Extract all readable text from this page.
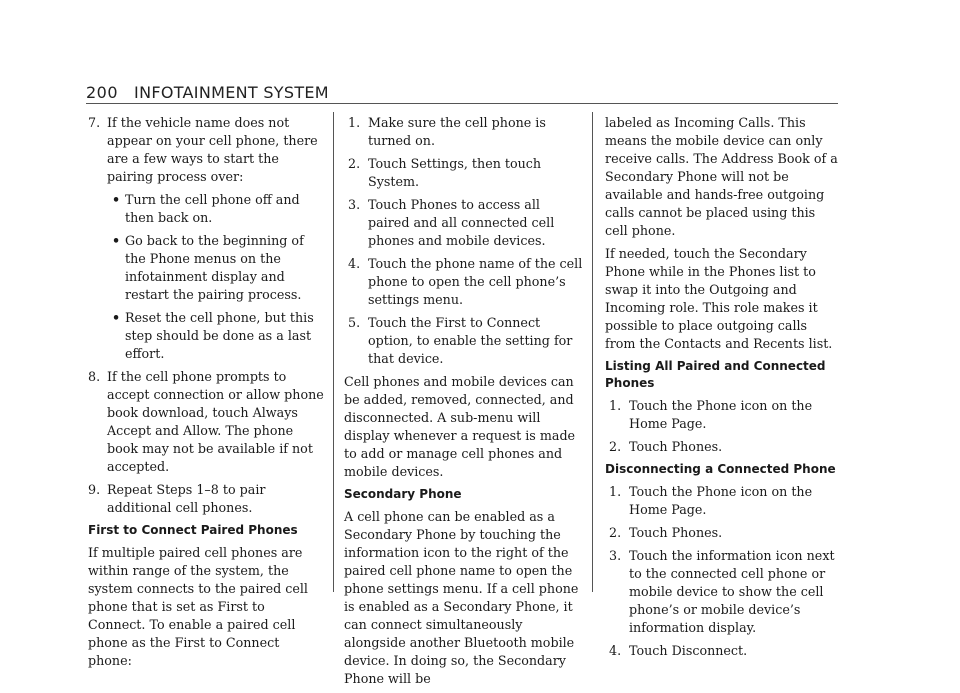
200 INFOTAINMENT SYSTEM
7. If the vehicle name does not appear on your cell phone, there are a few ways to start the pairing process over:
• Turn the cell phone off and then back on.
• Go back to the beginning of the Phone menus on the infotainment display and restart the pairing process.
• Reset the cell phone, but this step should be done as a last effort.
8. If the cell phone prompts to accept connection or allow phone book download, touch Always Accept and Allow. The phone book may not be available if not accepted.
9. Repeat Steps 1–8 to pair additional cell phones.
First to Connect Paired Phones

If multiple paired cell phones are within range of the system, the system connects to the paired cell phone that is set as First to Connect. To enable a paired cell phone as the First to Connect phone:

1. Make sure the cell phone is turned on.
2. Touch Settings, then touch System.
3. Touch Phones to access all paired and all connected cell phones and mobile devices.
4. Touch the phone name of the cell phone to open the cell phone’s settings menu.
5. Touch the First to Connect option, to enable the setting for that device.

Cell phones and mobile devices can be added, removed, connected, and disconnected. A sub-menu will display whenever a request is made to add or manage cell phones and mobile devices.

Secondary Phone

A cell phone can be enabled as a Secondary Phone by touching the information icon to the right of the paired cell phone name to open the phone settings menu. If a cell phone is enabled as a Secondary Phone, it can connect simultaneously alongside another Bluetooth mobile device. In doing so, the Secondary Phone will be

labeled as Incoming Calls. This means the mobile device can only receive calls. The Address Book of a Secondary Phone will not be available and hands-free outgoing calls cannot be placed using this cell phone.

If needed, touch the Secondary Phone while in the Phones list to swap it into the Outgoing and Incoming role. This role makes it possible to place outgoing calls from the Contacts and Recents list.

Listing All Paired and Connected Phones
1. Touch the Phone icon on the Home Page.
2. Touch Phones.
Disconnecting a Connected Phone
1. Touch the Phone icon on the Home Page.
2. Touch Phones.
3. Touch the information icon next to the connected cell phone or mobile device to show the cell phone’s or mobile device’s information display.
4. Touch Disconnect.
